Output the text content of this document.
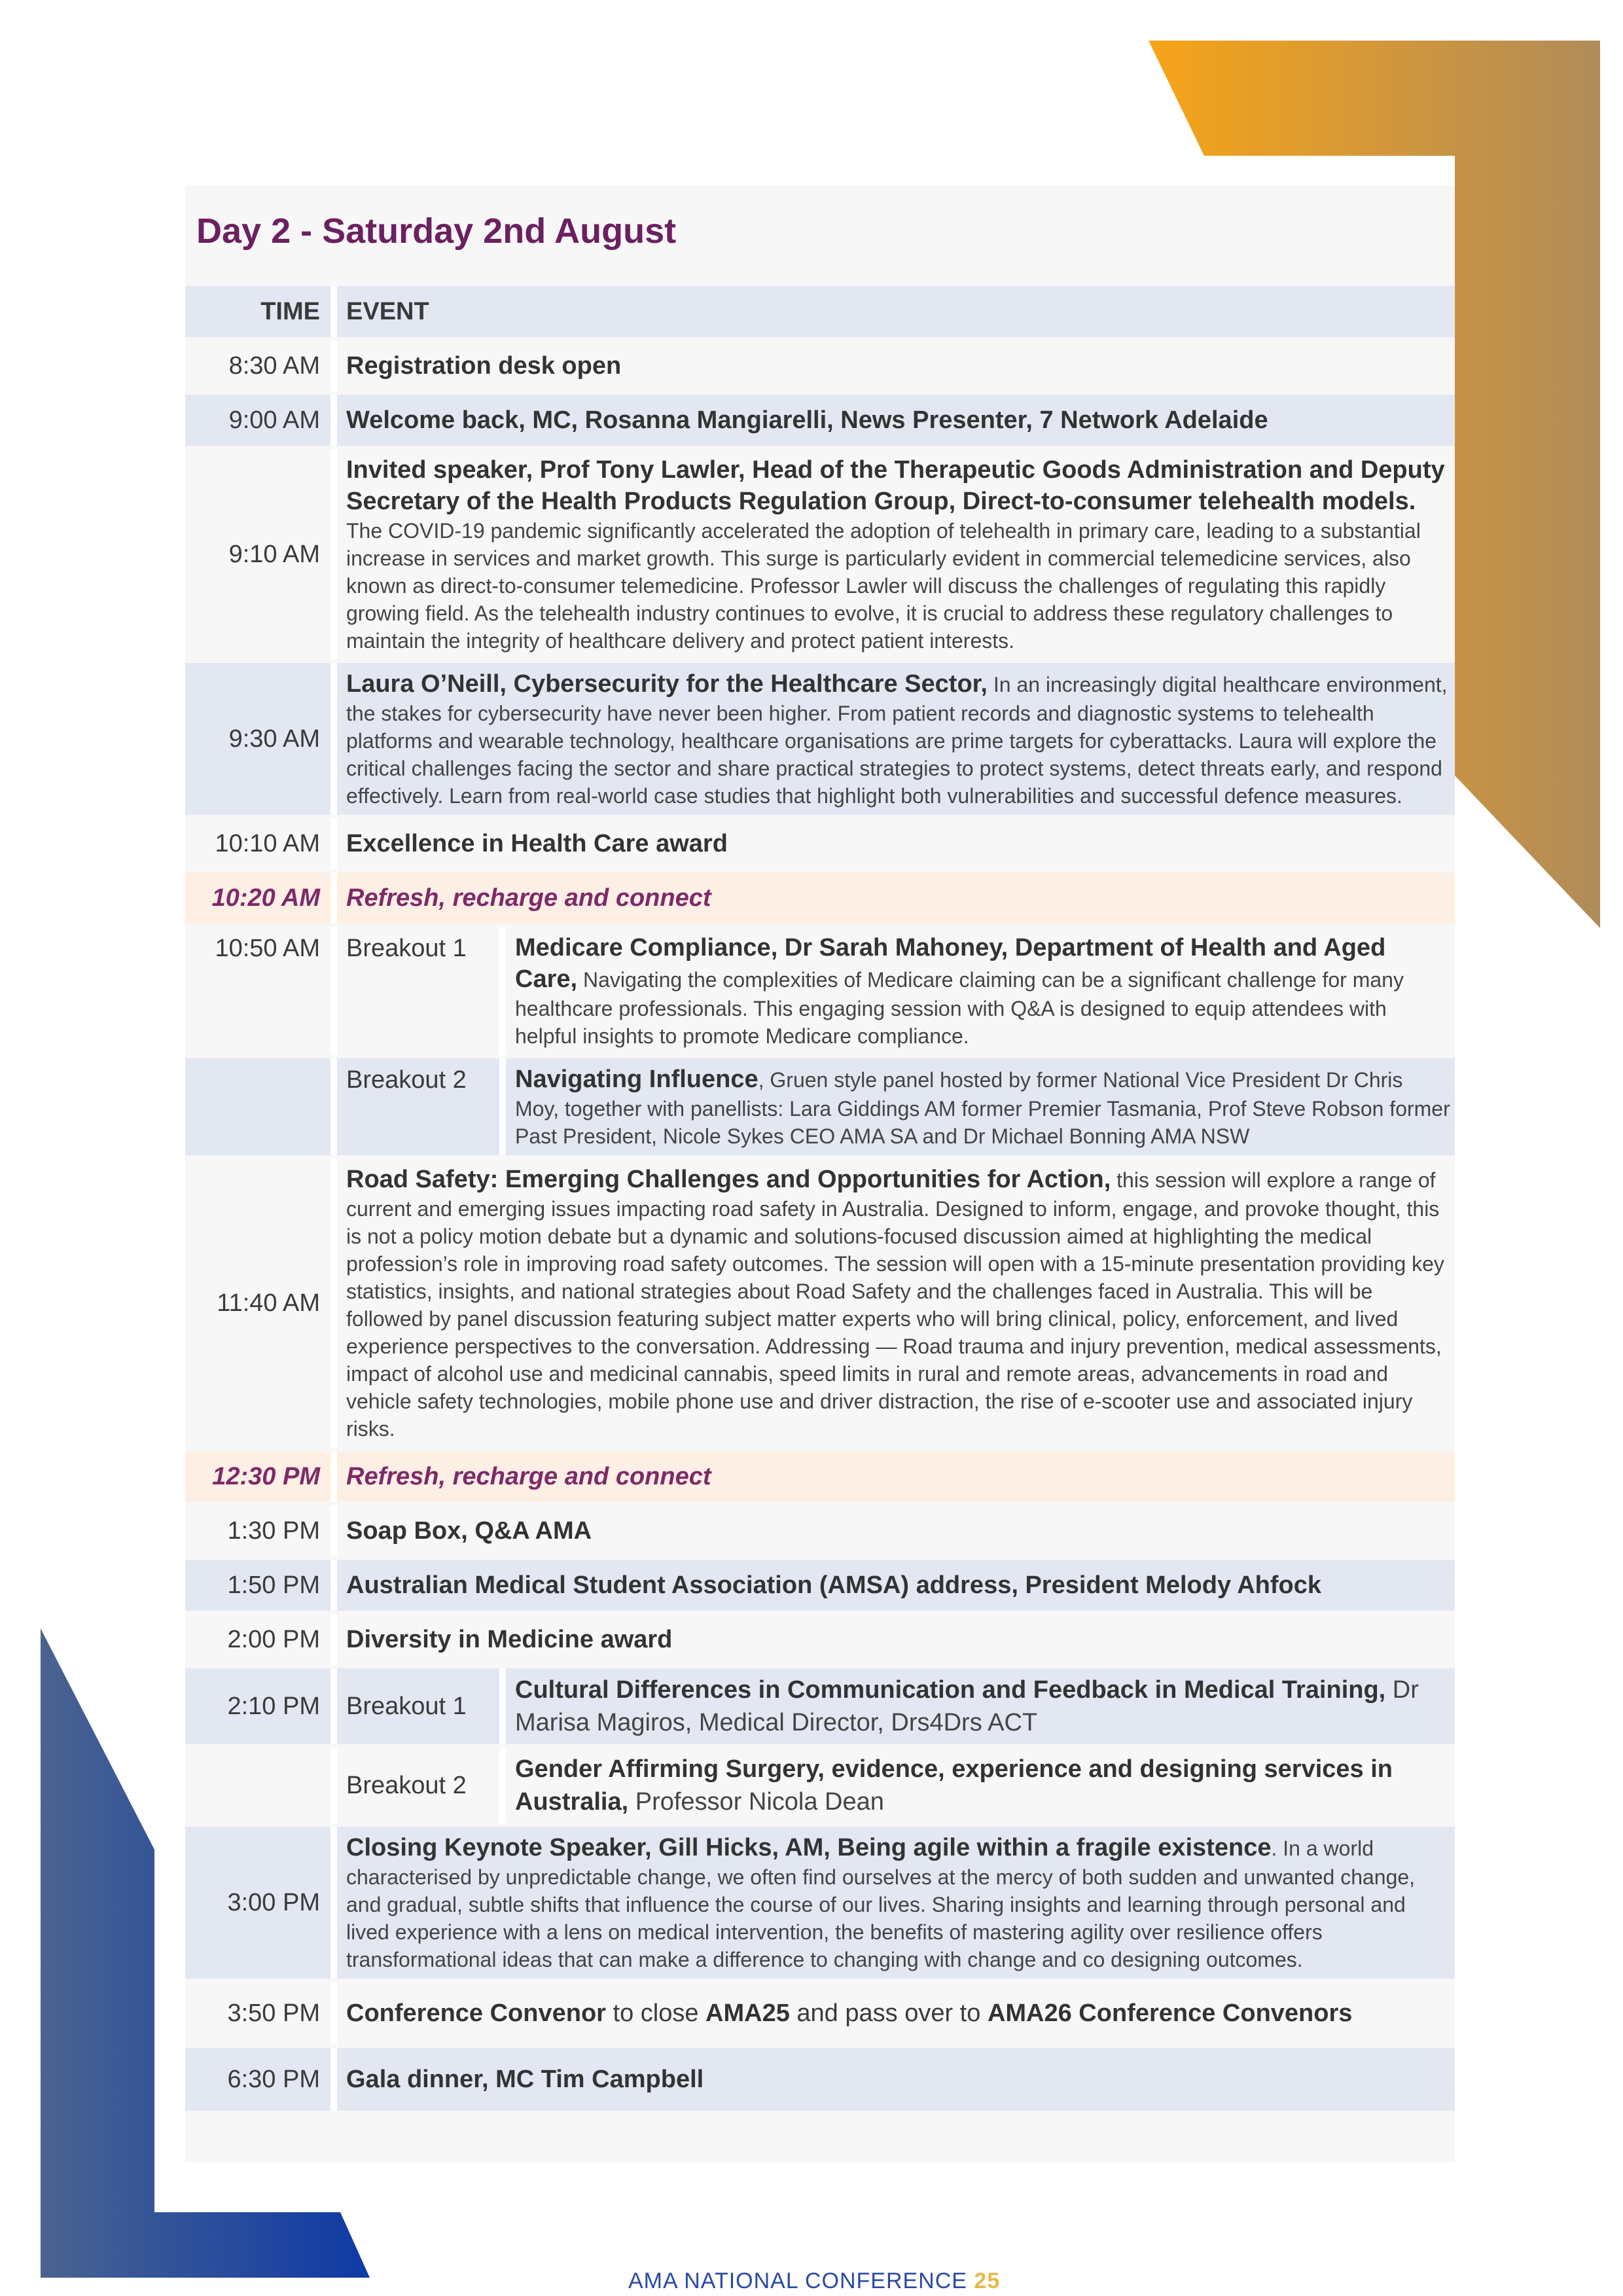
Day 2 - Saturday 2nd August
TIME	EVENT	
8:30 AM	Registration desk open	
9:00 AM	Welcome back, MC, Rosanna Mangiarelli, News Presenter, 7 Network Adelaide	
9:10 AM	Invited speaker, Prof Tony Lawler, Head of the Therapeutic Goods Administration and Deputy Secretary of the Health Products Regulation Group, Direct-to-consumer telehealth models. The COVID-19 pandemic significantly accelerated the adoption of telehealth in primary care, leading to a substantial increase in services and market growth. This surge is particularly evident in commercial telemedicine services, also known as direct-to-consumer telemedicine. Professor Lawler will discuss the challenges of regulating this rapidly growing field. As the telehealth industry continues to evolve, it is crucial to address these regulatory challenges to maintain the integrity of healthcare delivery and protect patient interests.	
9:30 AM	Laura O’Neill, Cybersecurity for the Healthcare Sector, In an increasingly digital healthcare environment, the stakes for cybersecurity have never been higher. From patient records and diagnostic systems to telehealth platforms and wearable technology, healthcare organisations are prime targets for cyberattacks. Laura will explore the critical challenges facing the sector and share practical strategies to protect systems, detect threats early, and respond effectively. Learn from real-world case studies that highlight both vulnerabilities and successful defence measures.	
10:10 AM	Excellence in Health Care award	
10:20 AM	Refresh, recharge and connect	
10:50 AM	Breakout 1	Medicare Compliance, Dr Sarah Mahoney, Department of Health and Aged Care, Navigating the complexities of Medicare claiming can be a significant challenge for many healthcare professionals. This engaging session with Q&A is designed to equip attendees with helpful insights to promote Medicare compliance.
	Breakout 2	Navigating Influence, Gruen style panel hosted by former National Vice President Dr Chris Moy, together with panellists: Lara Giddings AM former Premier Tasmania, Prof Steve Robson former Past President, Nicole Sykes CEO AMA SA and Dr Michael Bonning AMA NSW
11:40 AM	Road Safety: Emerging Challenges and Opportunities for Action, this session will explore a range of current and emerging issues impacting road safety in Australia. Designed to inform, engage, and provoke thought, this is not a policy motion debate but a dynamic and solutions-focused discussion aimed at highlighting the medical profession’s role in improving road safety outcomes. The session will open with a 15-minute presentation providing key statistics, insights, and national strategies about Road Safety and the challenges faced in Australia. This will be followed by panel discussion featuring subject matter experts who will bring clinical, policy, enforcement, and lived experience perspectives to the conversation. Addressing — Road trauma and injury prevention, medical assessments, impact of alcohol use and medicinal cannabis, speed limits in rural and remote areas, advancements in road and vehicle safety technologies, mobile phone use and driver distraction, the rise of e-scooter use and associated injury risks.	
12:30 PM	Refresh, recharge and connect	
1:30 PM	Soap Box, Q&A AMA	
1:50 PM	Australian Medical Student Association (AMSA) address, President Melody Ahfock	
2:00 PM	Diversity in Medicine award	
2:10 PM	Breakout 1	Cultural Differences in Communication and Feedback in Medical Training, Dr Marisa Magiros, Medical Director, Drs4Drs ACT
	Breakout 2	Gender Affirming Surgery, evidence, experience and designing services in Australia, Professor Nicola Dean
3:00 PM	Closing Keynote Speaker, Gill Hicks, AM, Being agile within a fragile existence. In a world characterised by unpredictable change, we often find ourselves at the mercy of both sudden and unwanted change, and gradual, subtle shifts that influence the course of our lives. Sharing insights and learning through personal and lived experience with a lens on medical intervention, the benefits of mastering agility over resilience offers transformational ideas that can make a difference to changing with change and co designing outcomes.	
3:50 PM	Conference Convenor to close AMA25 and pass over to AMA26 Conference Convenors	
6:30 PM	Gala dinner, MC Tim Campbell	
AMA NATIONAL CONFERENCE 25
